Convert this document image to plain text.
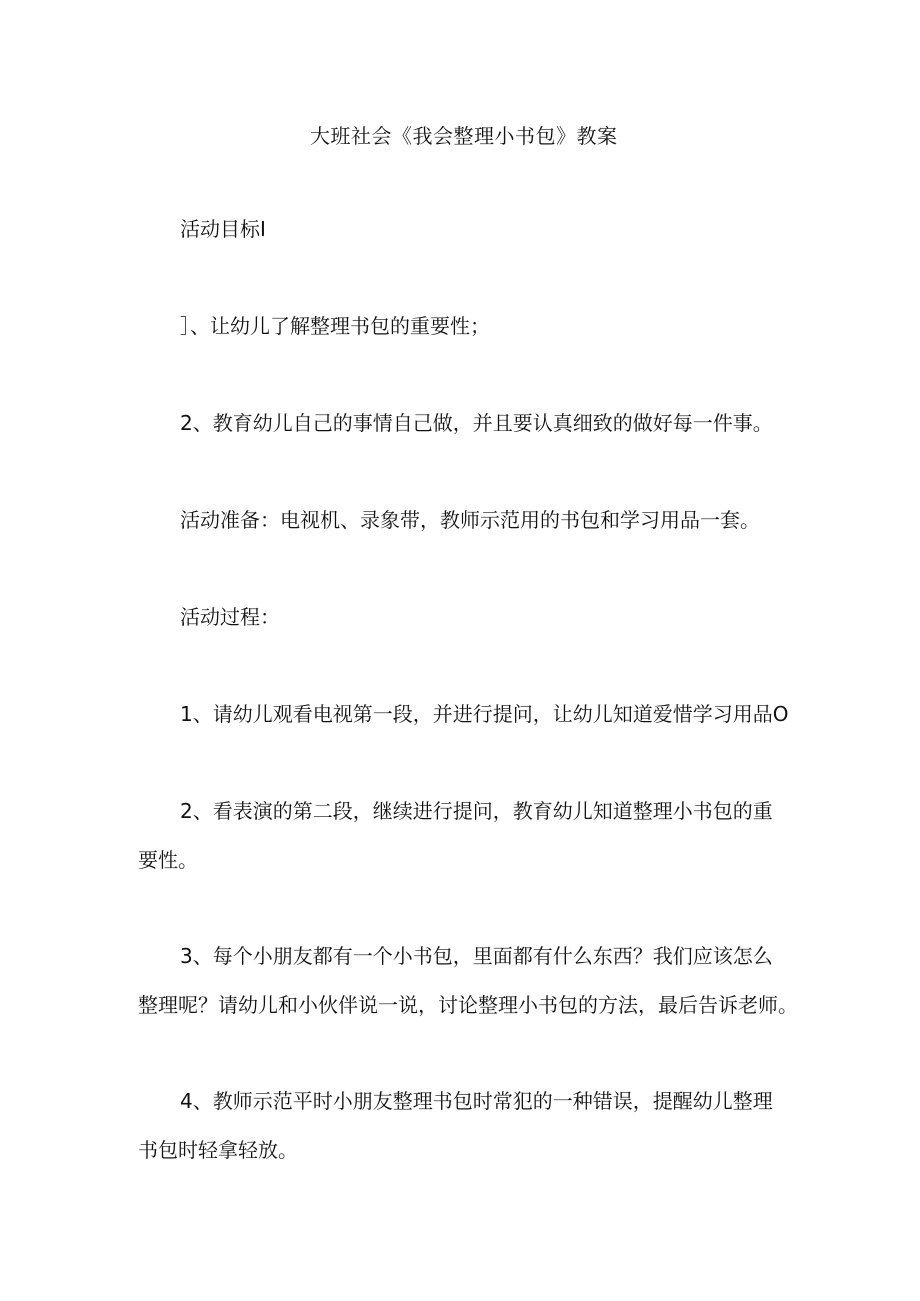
大班社会《我会整理小书包》教案
活动目标I
］、让幼儿了解整理书包的重要性；
2、教育幼儿自己的事情自己做，并且要认真细致的做好每一件事。
活动准备：电视机、录象带，教师示范用的书包和学习用品一套。
活动过程：
1、请幼儿观看电视第一段，并进行提问，让幼儿知道爱惜学习用品O
2、看表演的第二段，继续进行提问，教育幼儿知道整理小书包的重
要性。
3、每个小朋友都有一个小书包，里面都有什么东西？我们应该怎么
整理呢？请幼儿和小伙伴说一说，讨论整理小书包的方法，最后告诉老师。
4、教师示范平时小朋友整理书包时常犯的一种错误，提醒幼儿整理
书包时轻拿轻放。
